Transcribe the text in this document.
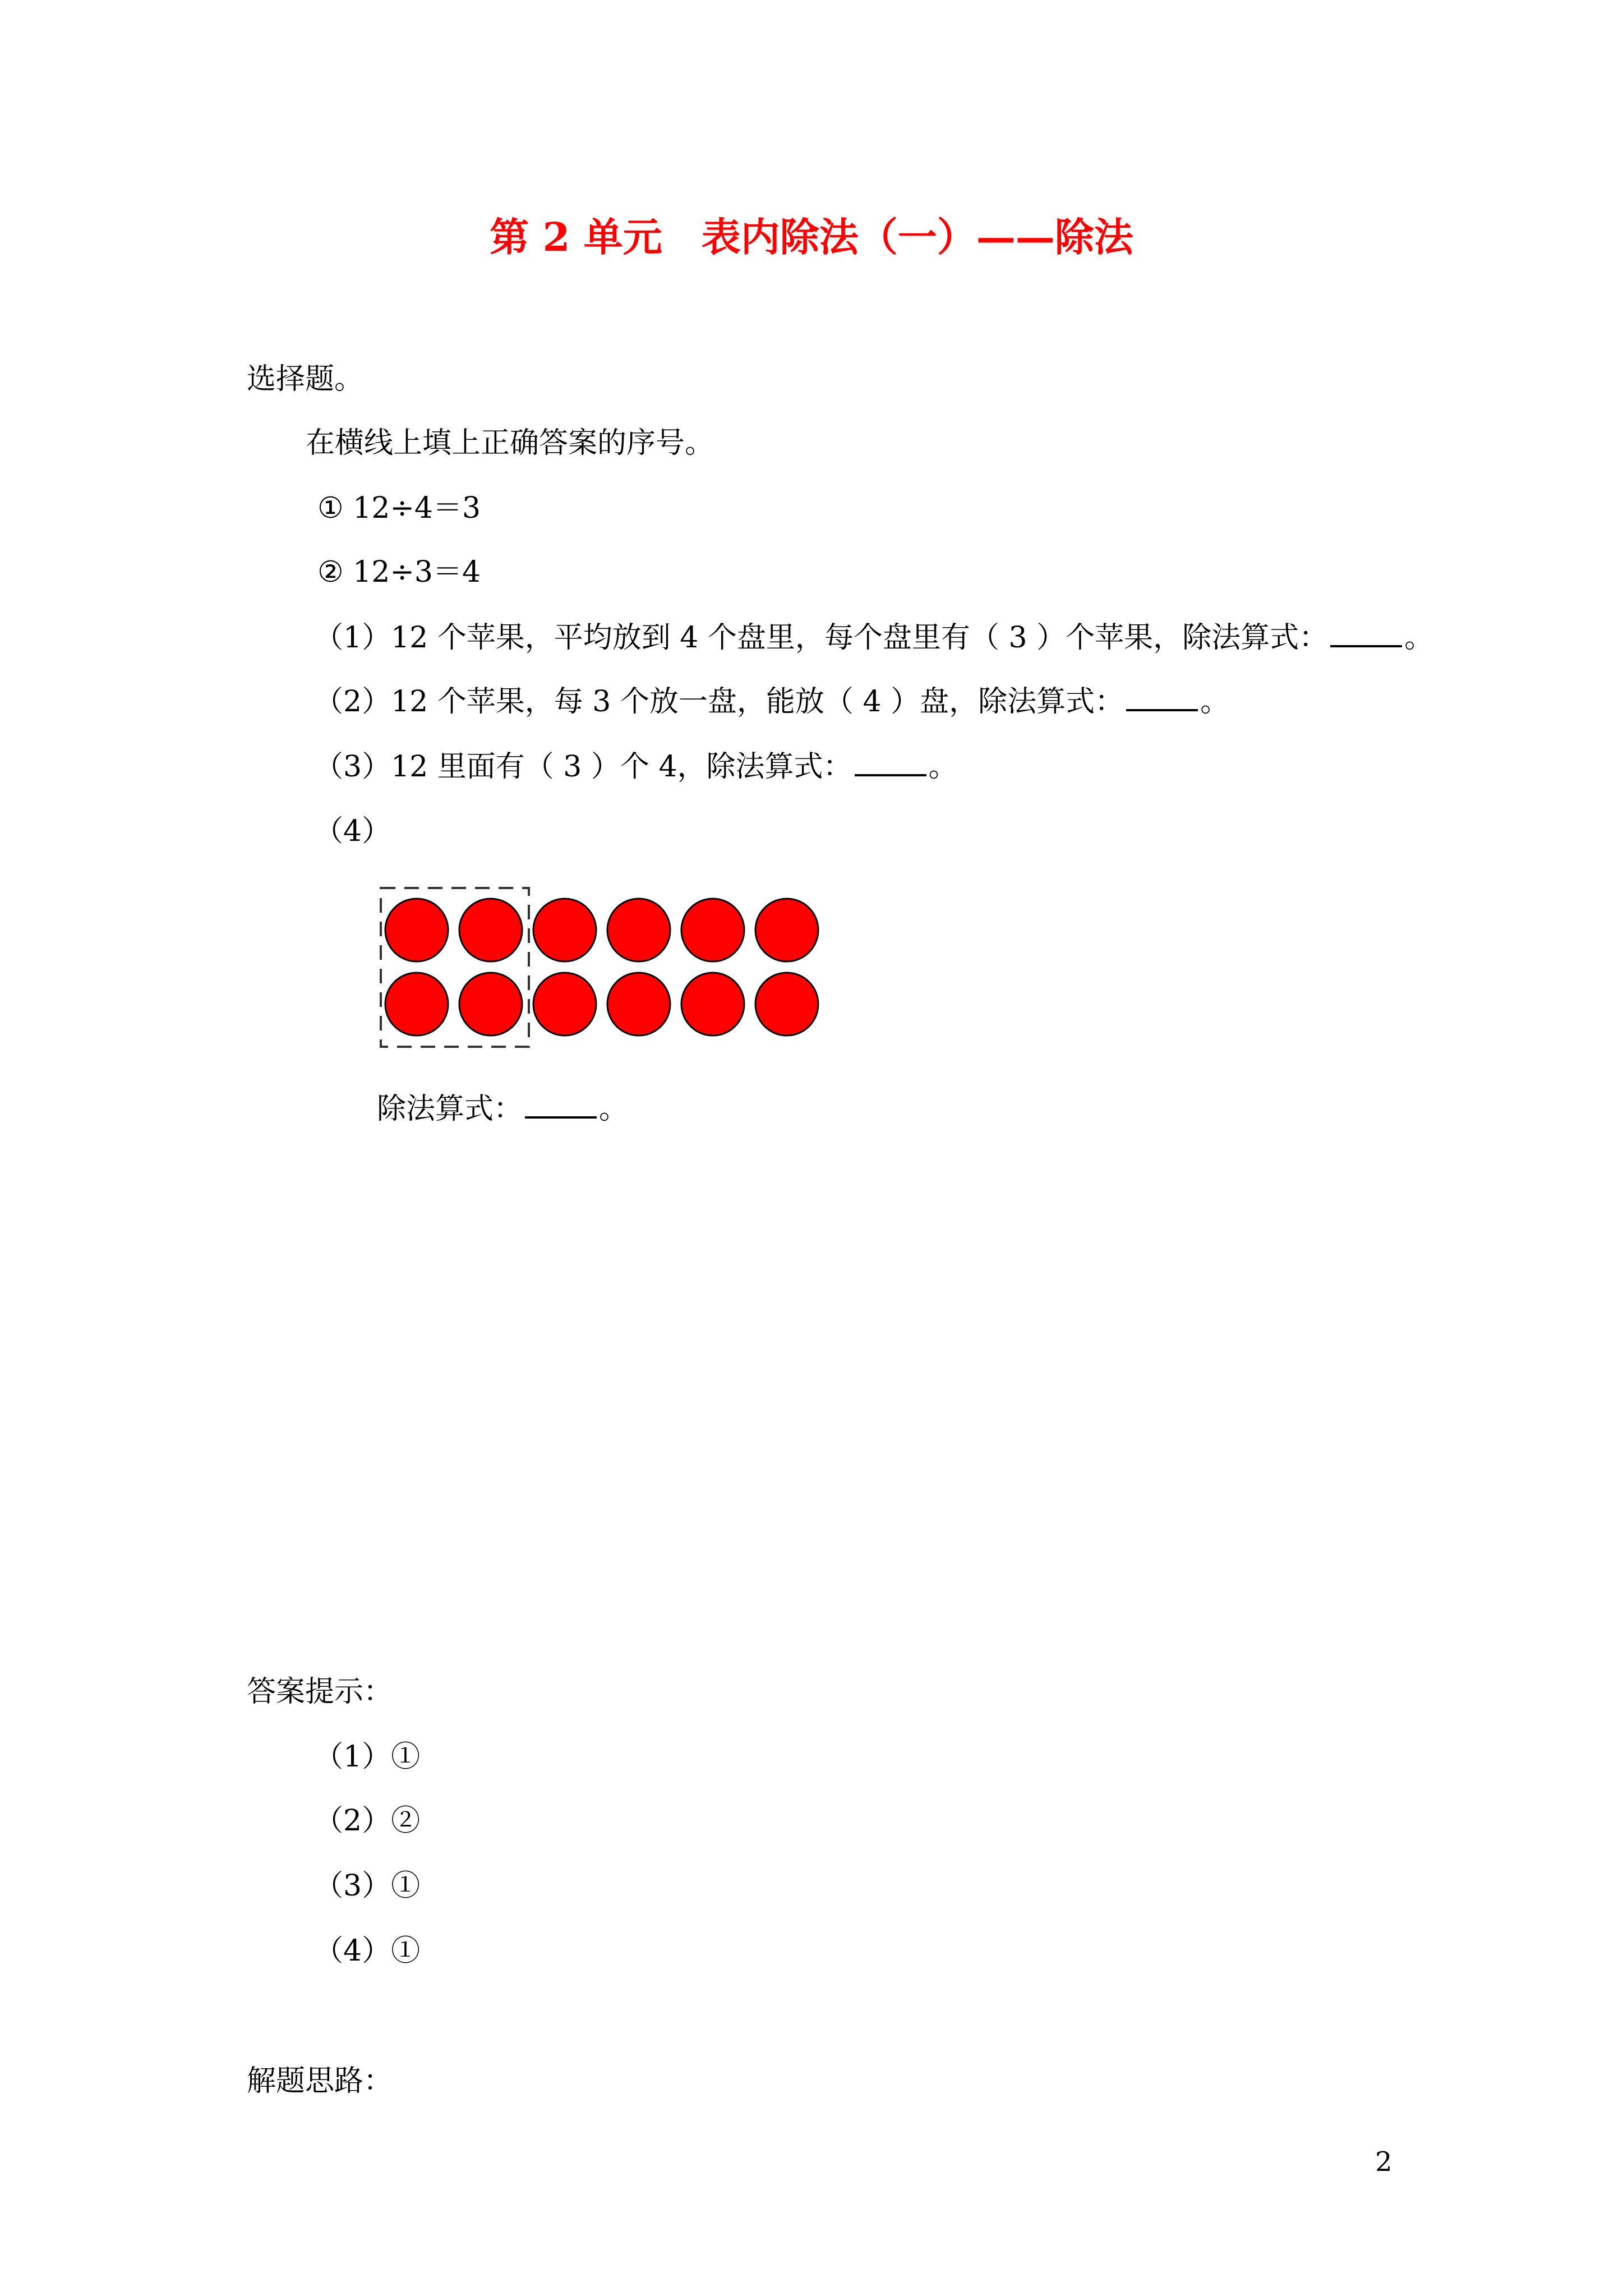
第 2 单元　表内除法（一）——除法
选择题。
在横线上填上正确答案的序号。
① 12÷4＝3
② 12÷3＝4
（1）12 个苹果，平均放到 4 个盘里，每个盘里有（ 3 ）个苹果，除法算式：	。
（2）12 个苹果，每 3 个放一盘，能放（ 4 ）盘，除法算式：	。
（3）12 里面有（ 3 ）个 4，除法算式：	。
（4）
除法算式：	。
答案提示：
（1）①
（2）②
（3）①
（4）①
解题思路：
2
